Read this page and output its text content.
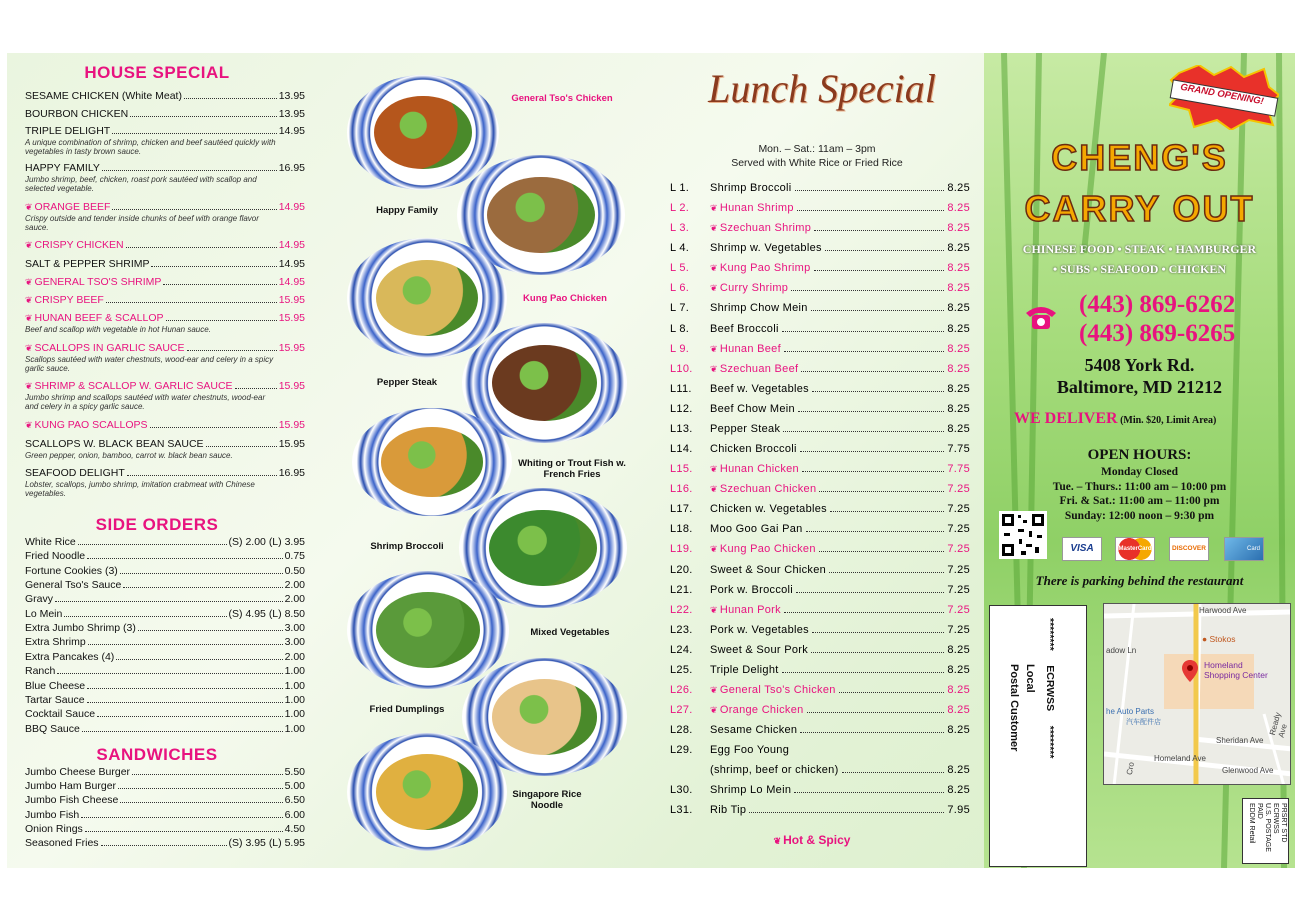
HOUSE SPECIAL
SESAME CHICKEN (White Meat)	13.95
BOURBON CHICKEN	13.95
TRIPLE DELIGHT	14.95
A unique combination of shrimp, chicken and beef sautéed quickly with vegetables in tasty brown sauce.
HAPPY FAMILY	16.95
Jumbo shrimp, beef, chicken, roast pork sautéed with scallop and selected vegetable.
❦ ORANGE BEEF	14.95
Crispy outside and tender inside chunks of beef with orange flavor sauce.
❦ CRISPY CHICKEN	14.95
SALT & PEPPER SHRIMP	14.95
❦ GENERAL TSO'S SHRIMP	14.95
❦ CRISPY BEEF	15.95
❦ HUNAN BEEF & SCALLOP	15.95
Beef and scallop with vegetable in hot Hunan sauce.
❦ SCALLOPS IN GARLIC SAUCE	15.95
Scallops sautéed with water chestnuts, wood-ear and celery in a spicy garlic sauce.
❦ SHRIMP & SCALLOP W. GARLIC SAUCE	15.95
Jumbo shrimp and scallops sautéed with water chestnuts, wood-ear and celery in a spicy garlic sauce.
❦ KUNG PAO SCALLOPS	15.95
SCALLOPS W. BLACK BEAN SAUCE	15.95
Green pepper, onion, bamboo, carrot w. black bean sauce.
SEAFOOD DELIGHT	16.95
Lobster, scallops, jumbo shrimp, imitation crabmeat with Chinese vegetables.
SIDE ORDERS
White Rice	(S) 2.00 (L) 3.95
Fried Noodle	0.75
Fortune Cookies (3)	0.50
General Tso's Sauce	2.00
Gravy	2.00
Lo Mein	(S) 4.95 (L) 8.50
Extra Jumbo Shrimp (3)	3.00
Extra Shrimp	3.00
Extra Pancakes (4)	2.00
Ranch	1.00
Blue Cheese	1.00
Tartar Sauce	1.00
Cocktail Sauce	1.00
BBQ Sauce	1.00
SANDWICHES
Jumbo Cheese Burger	5.50
Jumbo Ham Burger	5.00
Jumbo Fish Cheese	6.50
Jumbo Fish	6.00
Onion Rings	4.50
Seasoned Fries	(S) 3.95 (L) 5.95
General Tso's Chicken
Happy Family
Kung Pao Chicken
Pepper Steak
Whiting or Trout Fish w. French Fries
Shrimp Broccoli
Mixed Vegetables
Fried Dumplings
Singapore Rice Noodle
Lunch Special
Mon. – Sat.: 11am – 3pm
Served with White Rice or Fried Rice
L 1.	Shrimp Broccoli	8.25
L 2.	❦ Hunan Shrimp	8.25
L 3.	❦ Szechuan Shrimp	8.25
L 4.	Shrimp w. Vegetables	8.25
L 5.	❦ Kung Pao Shrimp	8.25
L 6.	❦ Curry Shrimp	8.25
L 7.	Shrimp Chow Mein	8.25
L 8.	Beef Broccoli	8.25
L 9.	❦ Hunan Beef	8.25
L10.	❦ Szechuan Beef	8.25
L11.	Beef w. Vegetables	8.25
L12.	Beef Chow Mein	8.25
L13.	Pepper Steak	8.25
L14.	Chicken Broccoli	7.75
L15.	❦ Hunan Chicken	7.75
L16.	❦ Szechuan Chicken	7.25
L17.	Chicken w. Vegetables	7.25
L18.	Moo Goo Gai Pan	7.25
L19.	❦ Kung Pao Chicken	7.25
L20.	Sweet & Sour Chicken	7.25
L21.	Pork w. Broccoli	7.25
L22.	❦ Hunan Pork	7.25
L23.	Pork w. Vegetables	7.25
L24.	Sweet & Sour Pork	8.25
L25.	Triple Delight	8.25
L26.	❦ General Tso's Chicken	8.25
L27.	❦ Orange Chicken	8.25
L28.	Sesame Chicken	8.25
L29.	Egg Foo Young
(shrimp, beef or chicken)	8.25
L30.	Shrimp Lo Mein	8.25
L31.	Rib Tip	7.95
❦ Hot & Spicy
GRAND OPENING!
CHENG'S
CARRY OUT
CHINESE FOOD • STEAK • HAMBURGER
• SUBS • SEAFOOD • CHICKEN
(443) 869-6262
(443) 869-6265
5408 York Rd.
Baltimore, MD 21212
WE DELIVER (Min. $20, Limit Area)
OPEN HOURS:
Monday Closed
Tue. – Thurs.: 11:00 am – 10:00 pm
Fri. & Sat.: 11:00 am – 11:00 pm
Sunday: 12:00 noon – 9:30 pm
VISA	MasterCard	DISCOVER	Card
There is parking behind the restaurant
********     ECRWSS     ********
Local
Postal Customer
Harwood Ave
adow Ln
Sheridan Ave
Homeland Ave
Glenwood Ave
Ready Ave
Cro
● Stokos
Homeland
Shopping Center
he Auto Parts
汽车配件店
PRSRT STD
ECRWSS
U.S. POSTAGE
PAID
EDDM Retail
